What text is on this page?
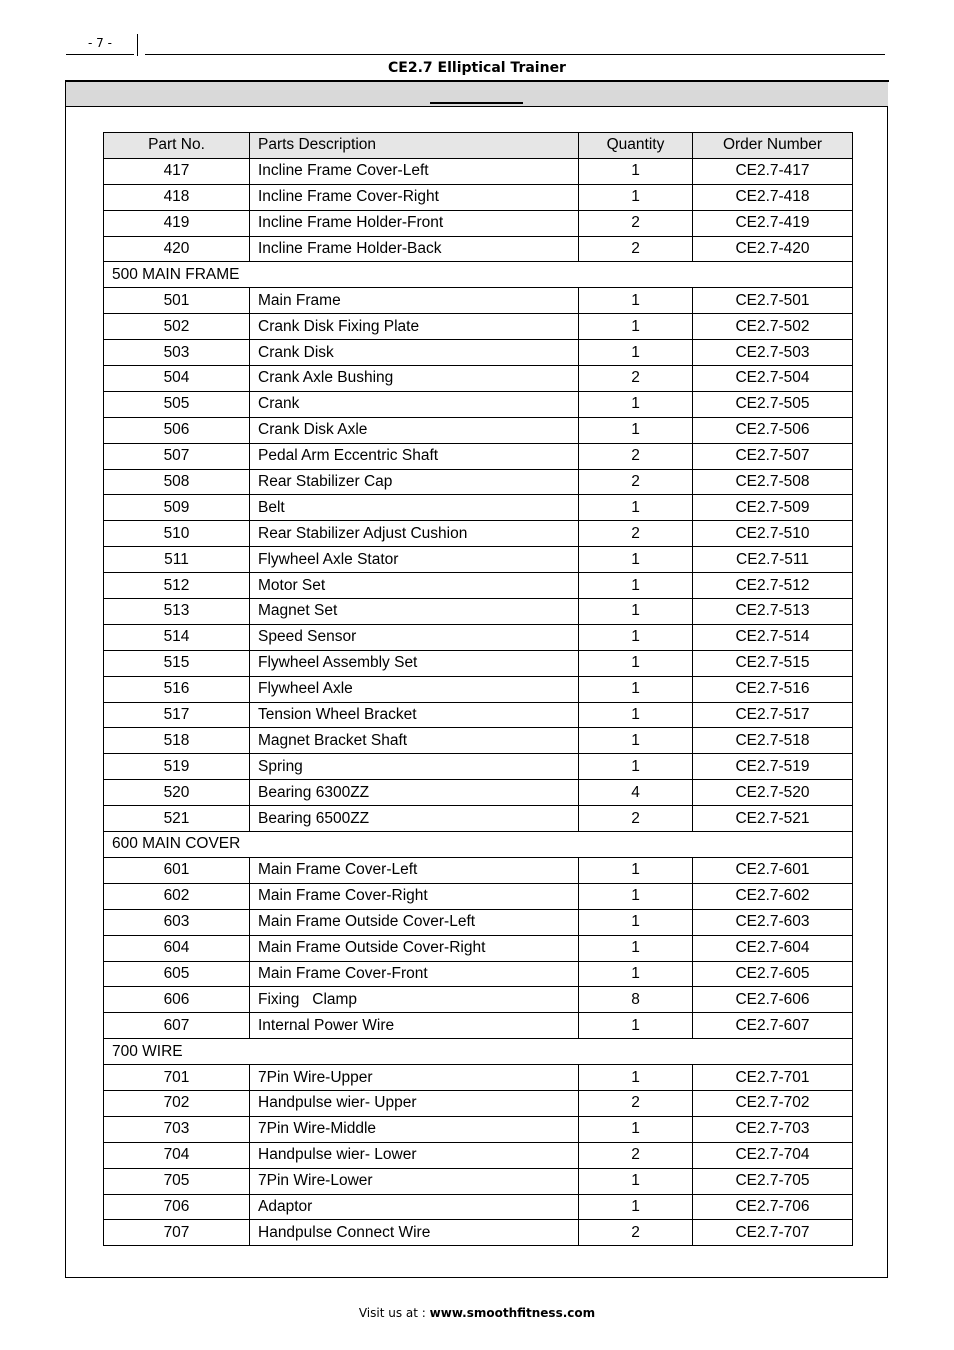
- 7 -
CE2.7 Elliptical Trainer
Part No.	Parts Description	Quantity	Order Number
417	Incline Frame Cover-Left	1	CE2.7-417
418	Incline Frame Cover-Right	1	CE2.7-418
419	Incline Frame Holder-Front	2	CE2.7-419
420	Incline Frame Holder-Back	2	CE2.7-420
500 MAIN FRAME			
501	Main Frame	1	CE2.7-501
502	Crank Disk Fixing Plate	1	CE2.7-502
503	Crank Disk	1	CE2.7-503
504	Crank Axle Bushing	2	CE2.7-504
505	Crank	1	CE2.7-505
506	Crank Disk Axle	1	CE2.7-506
507	Pedal Arm Eccentric Shaft	2	CE2.7-507
508	Rear Stabilizer Cap	2	CE2.7-508
509	Belt	1	CE2.7-509
510	Rear Stabilizer Adjust Cushion	2	CE2.7-510
511	Flywheel Axle Stator	1	CE2.7-511
512	Motor Set	1	CE2.7-512
513	Magnet Set	1	CE2.7-513
514	Speed Sensor	1	CE2.7-514
515	Flywheel Assembly Set	1	CE2.7-515
516	Flywheel Axle	1	CE2.7-516
517	Tension Wheel Bracket	1	CE2.7-517
518	Magnet Bracket Shaft	1	CE2.7-518
519	Spring	1	CE2.7-519
520	Bearing 6300ZZ	4	CE2.7-520
521	Bearing 6500ZZ	2	CE2.7-521
600 MAIN COVER			
601	Main Frame Cover-Left	1	CE2.7-601
602	Main Frame Cover-Right	1	CE2.7-602
603	Main Frame Outside Cover-Left	1	CE2.7-603
604	Main Frame Outside Cover-Right	1	CE2.7-604
605	Main Frame Cover-Front	1	CE2.7-605
606	Fixing   Clamp	8	CE2.7-606
607	Internal Power Wire	1	CE2.7-607
700 WIRE			
701	7Pin Wire-Upper	1	CE2.7-701
702	Handpulse wier- Upper	2	CE2.7-702
703	7Pin Wire-Middle	1	CE2.7-703
704	Handpulse wier- Lower	2	CE2.7-704
705	7Pin Wire-Lower	1	CE2.7-705
706	Adaptor	1	CE2.7-706
707	Handpulse Connect Wire	2	CE2.7-707
Visit us at : www.smoothfitness.com
